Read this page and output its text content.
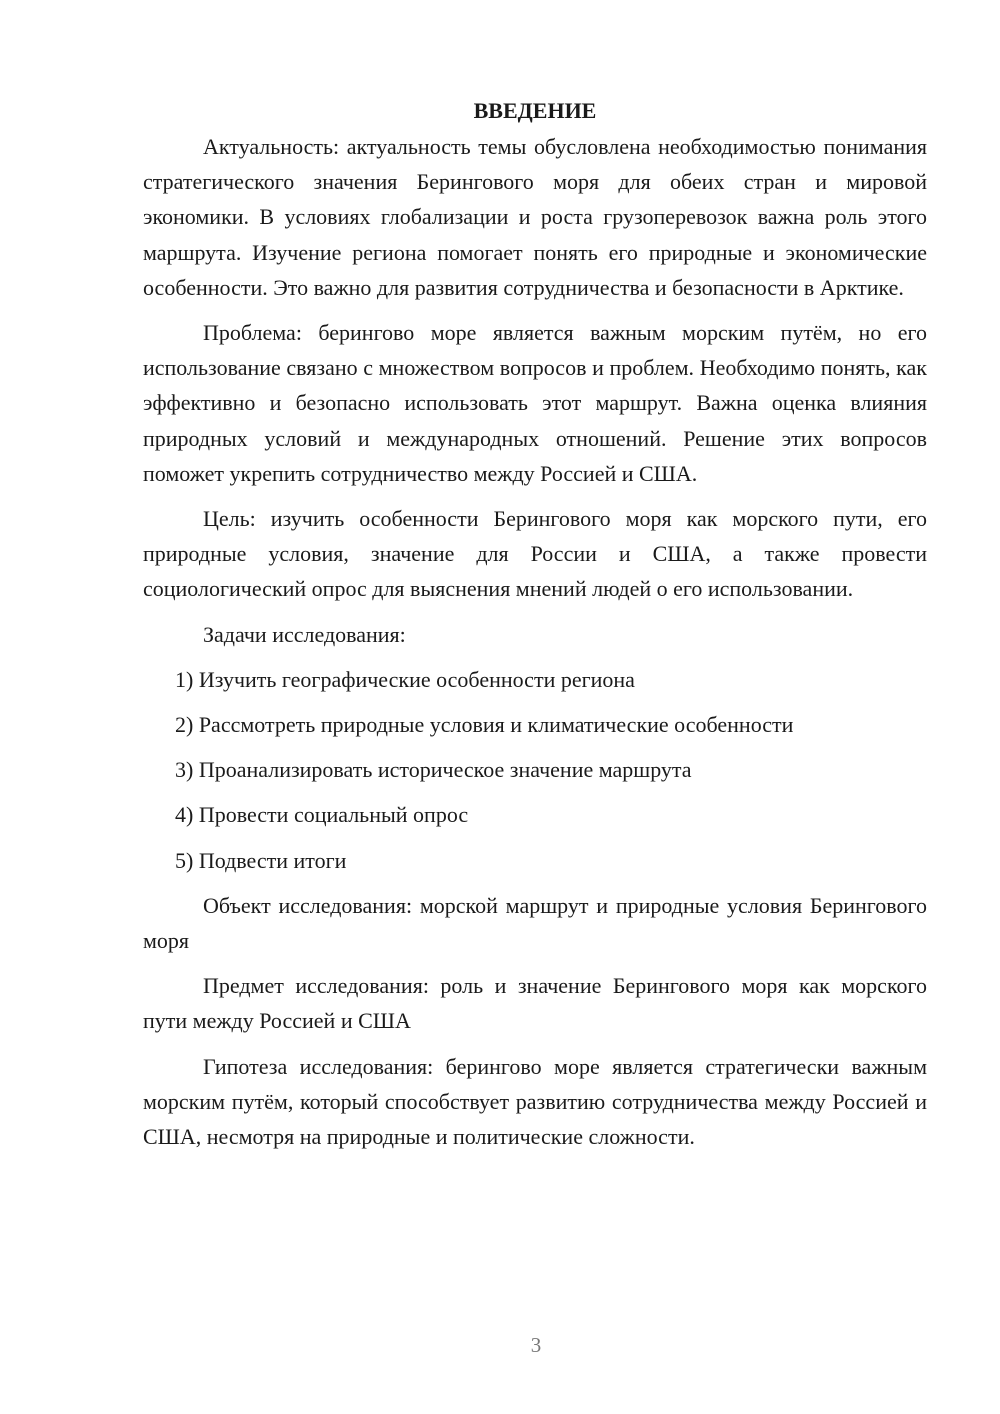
ВВЕДЕНИЕ

Актуальность: актуальность темы обусловлена необходимостью понимания стратегического значения Берингового моря для обеих стран и мировой экономики. В условиях глобализации и роста грузоперевозок важна роль этого маршрута. Изучение региона помогает понять его природные и экономические особенности. Это важно для развития сотрудничества и безопасности в Арктике.

Проблема: берингово море является важным морским путём, но его использование связано с множеством вопросов и проблем. Необходимо понять, как эффективно и безопасно использовать этот маршрут. Важна оценка влияния природных условий и международных отношений. Решение этих вопросов поможет укрепить сотрудничество между Россией и США.

Цель: изучить особенности Берингового моря как морского пути, его природные условия, значение для России и США, а также провести социологический опрос для выяснения мнений людей о его использовании.

Задачи исследования:

1) Изучить географические особенности региона

2) Рассмотреть природные условия и климатические особенности

3) Проанализировать историческое значение маршрута

4) Провести социальный опрос

5) Подвести итоги

Объект исследования: морской маршрут и природные условия Берингового моря

Предмет исследования: роль и значение Берингового моря как морского пути между Россией и США

Гипотеза исследования: берингово море является стратегически важным морским путём, который способствует развитию сотрудничества между Россией и США, несмотря на природные и политические сложности.

3
